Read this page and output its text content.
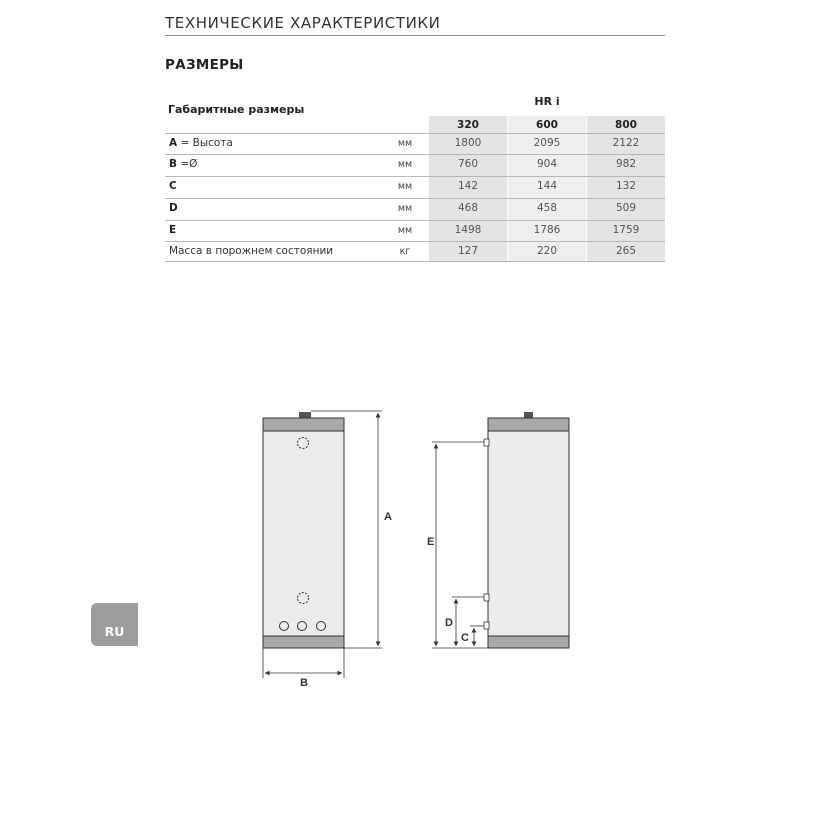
ТЕХНИЧЕСКИЕ ХАРАКТЕРИСТИКИ
РАЗМЕРЫ
Габаритные размеры
HR i
320	600	800
A = Высота	мм	1800	2095	2122
B =Ø	мм	760	904	982
C	мм	142	144	132
D	мм	468	458	509
E	мм	1498	1786	1759
Масса в порожнем состоянии	кг	127	220	265
A
B
E
D
C
RU
